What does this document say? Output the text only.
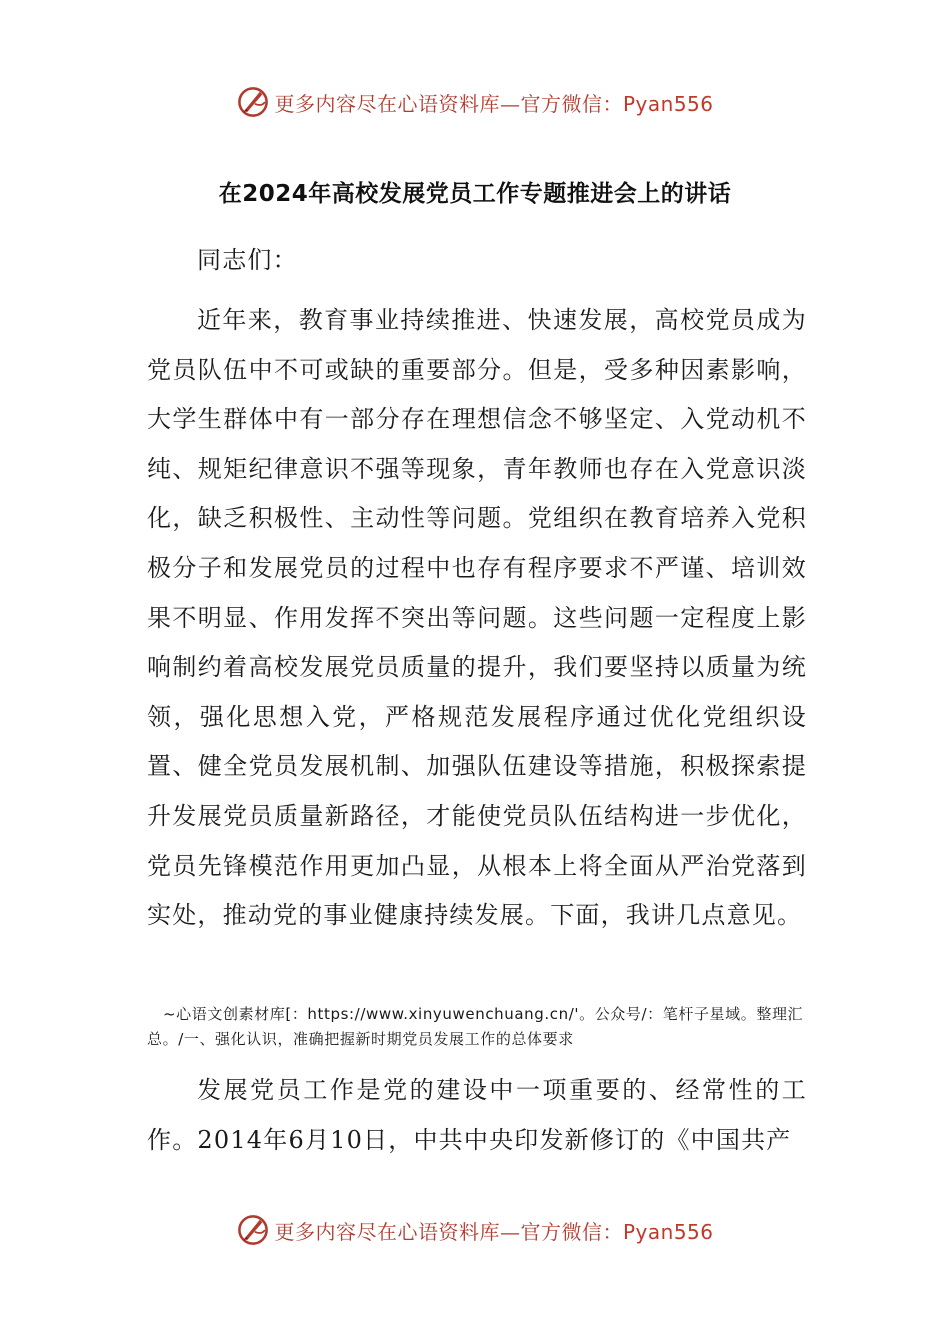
更多内容尽在心语资料库—官方微信：Pyan556
在2024年高校发展党员工作专题推进会上的讲话
同志们：
近年来，教育事业持续推进、快速发展，高校党员成为党员队伍中不可或缺的重要部分。但是，受多种因素影响，大学生群体中有一部分存在理想信念不够坚定、入党动机不纯、规矩纪律意识不强等现象，青年教师也存在入党意识淡化，缺乏积极性、主动性等问题。党组织在教育培养入党积极分子和发展党员的过程中也存有程序要求不严谨、培训效果不明显、作用发挥不突出等问题。这些问题一定程度上影响制约着高校发展党员质量的提升，我们要坚持以质量为统领，强化思想入党，严格规范发展程序通过优化党组织设置、健全党员发展机制、加强队伍建设等措施，积极探索提升发展党员质量新路径，才能使党员队伍结构进一步优化，党员先锋模范作用更加凸显，从根本上将全面从严治党落到实处，推动党的事业健康持续发展。下面，我讲几点意见。
~心语文创素材库[：https://www.xinyuwenchuang.cn/'。公众号/：笔杆子星域。整理汇总。/一、强化认识，准确把握新时期党员发展工作的总体要求
发展党员工作是党的建设中一项重要的、经常性的工作。2014年6月10日，中共中央印发新修订的《中国共产
更多内容尽在心语资料库—官方微信：Pyan556
